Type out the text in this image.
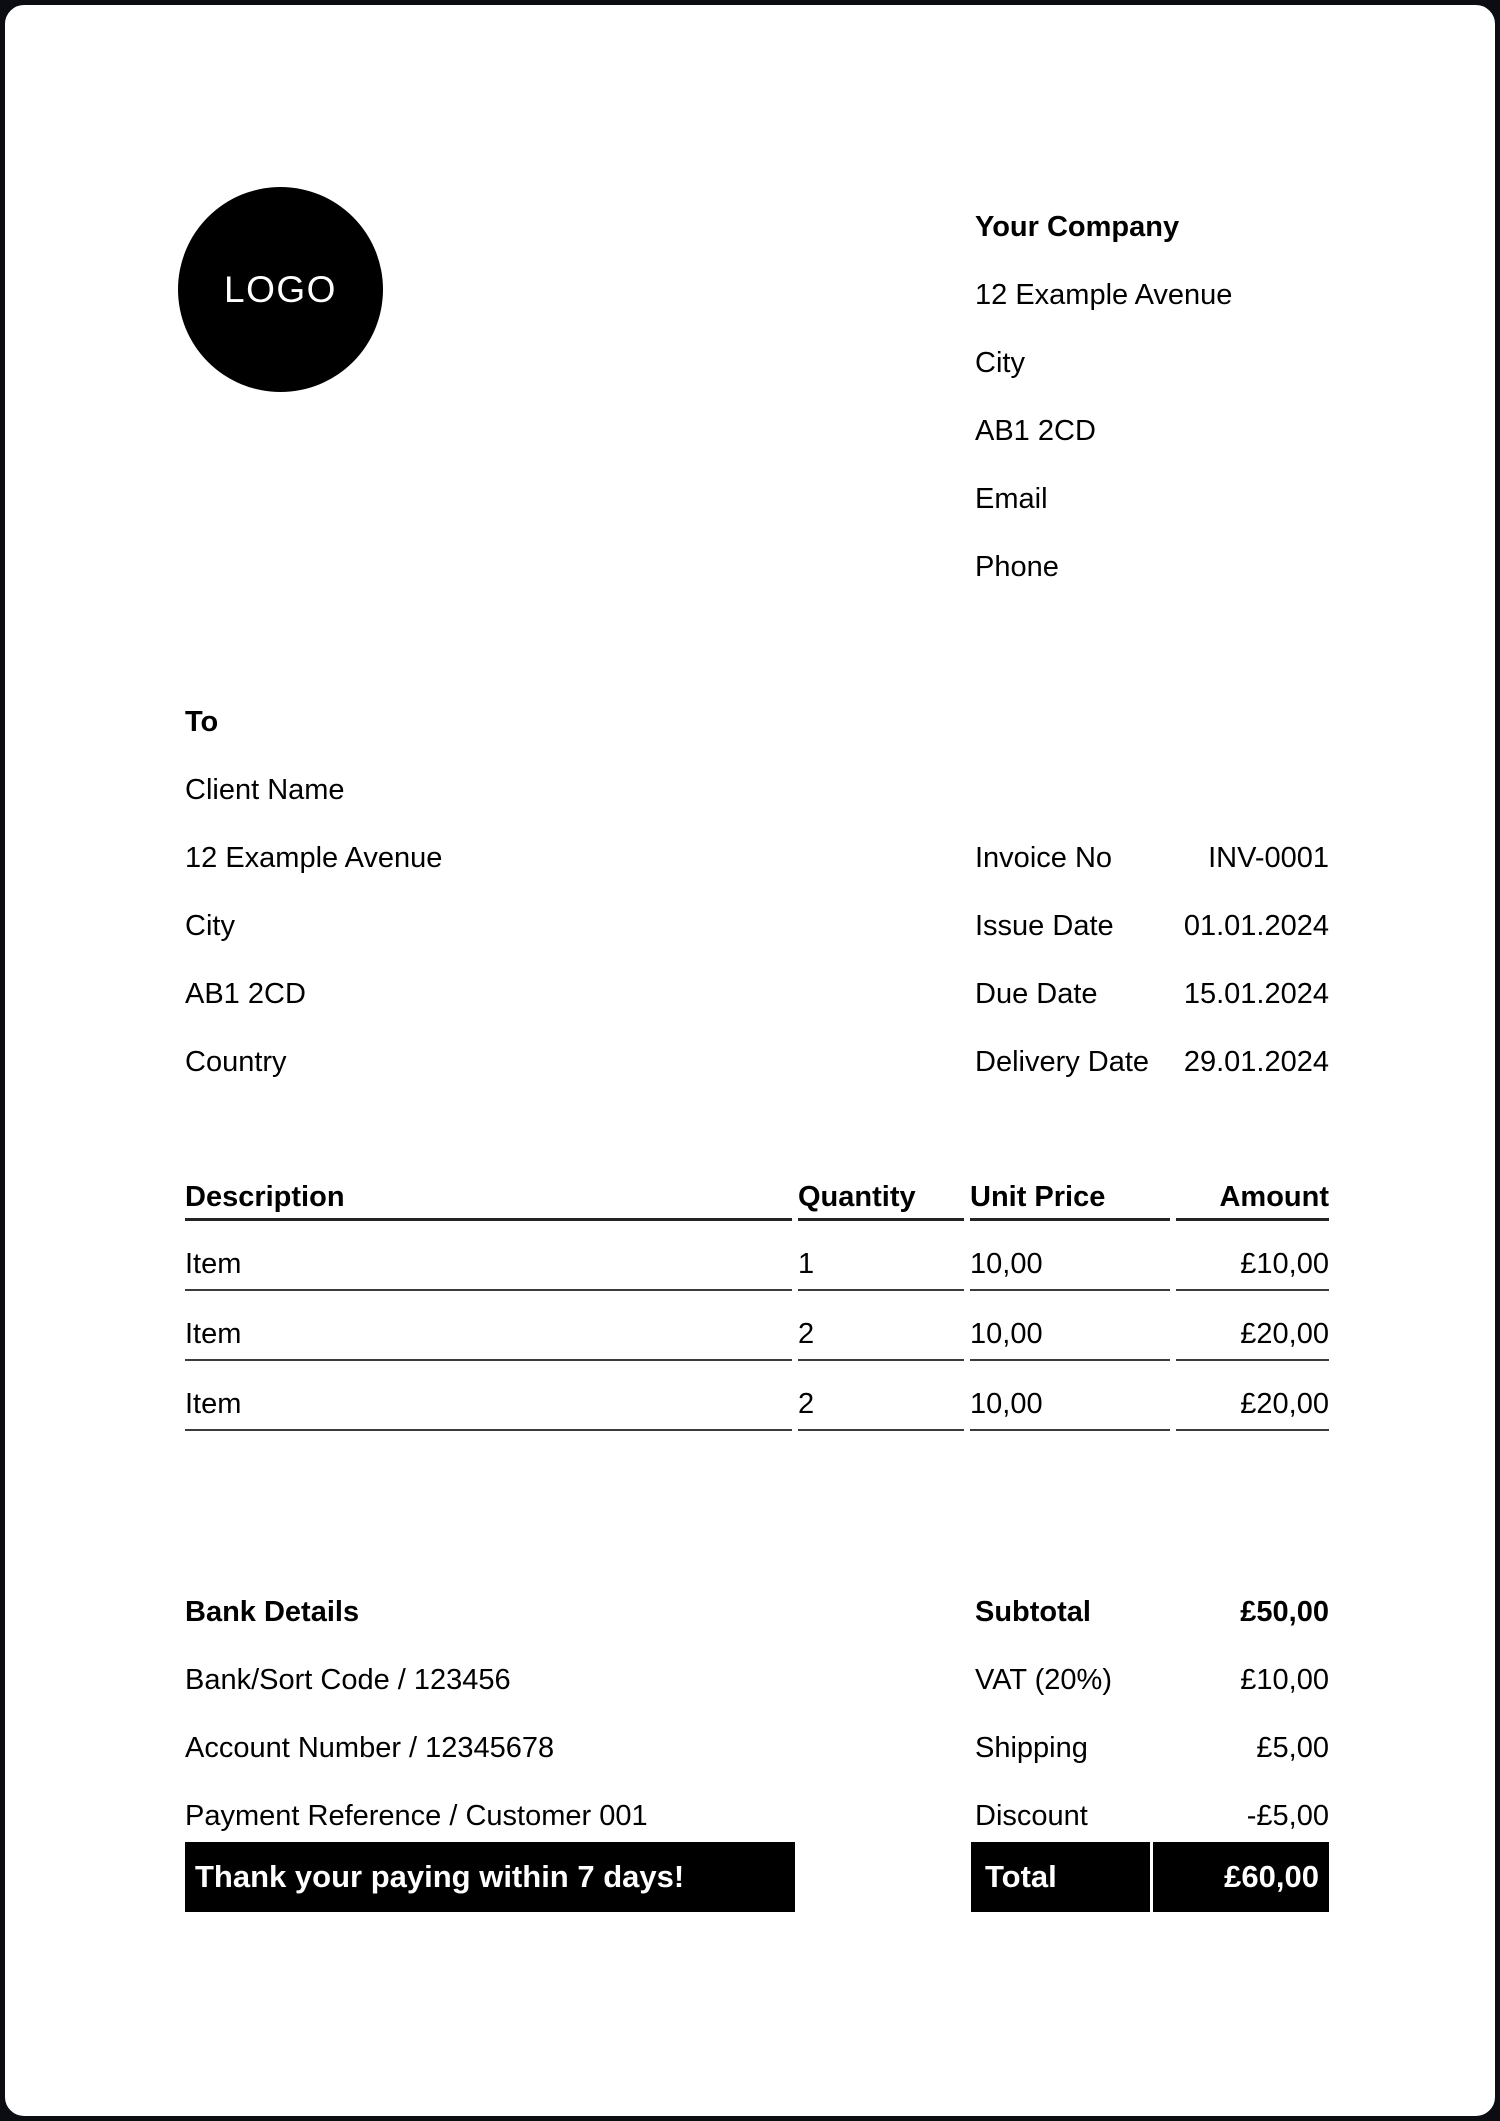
LOGO
Your Company
12 Example Avenue
City
AB1 2CD
Email
Phone
To
Client Name
12 Example Avenue
City
AB1 2CD
Country
Invoice No	INV-0001
Issue Date 01.01.2024
Due Date	15.01.2024
Delivery Date 29.01.2024
Description	Quantity	Unit Price	Amount
Item	1	10,00	£10,00
Item	2	10,00	£20,00
Item	2	10,00	£20,00
Bank Details
Bank/Sort Code / 123456
Account Number / 12345678
Payment Reference / Customer 001
Thank your paying within 7 days!
Subtotal	£50,00
VAT (20%)	£10,00
Shipping	£5,00
Discount	-£5,00
Total	£60,00
